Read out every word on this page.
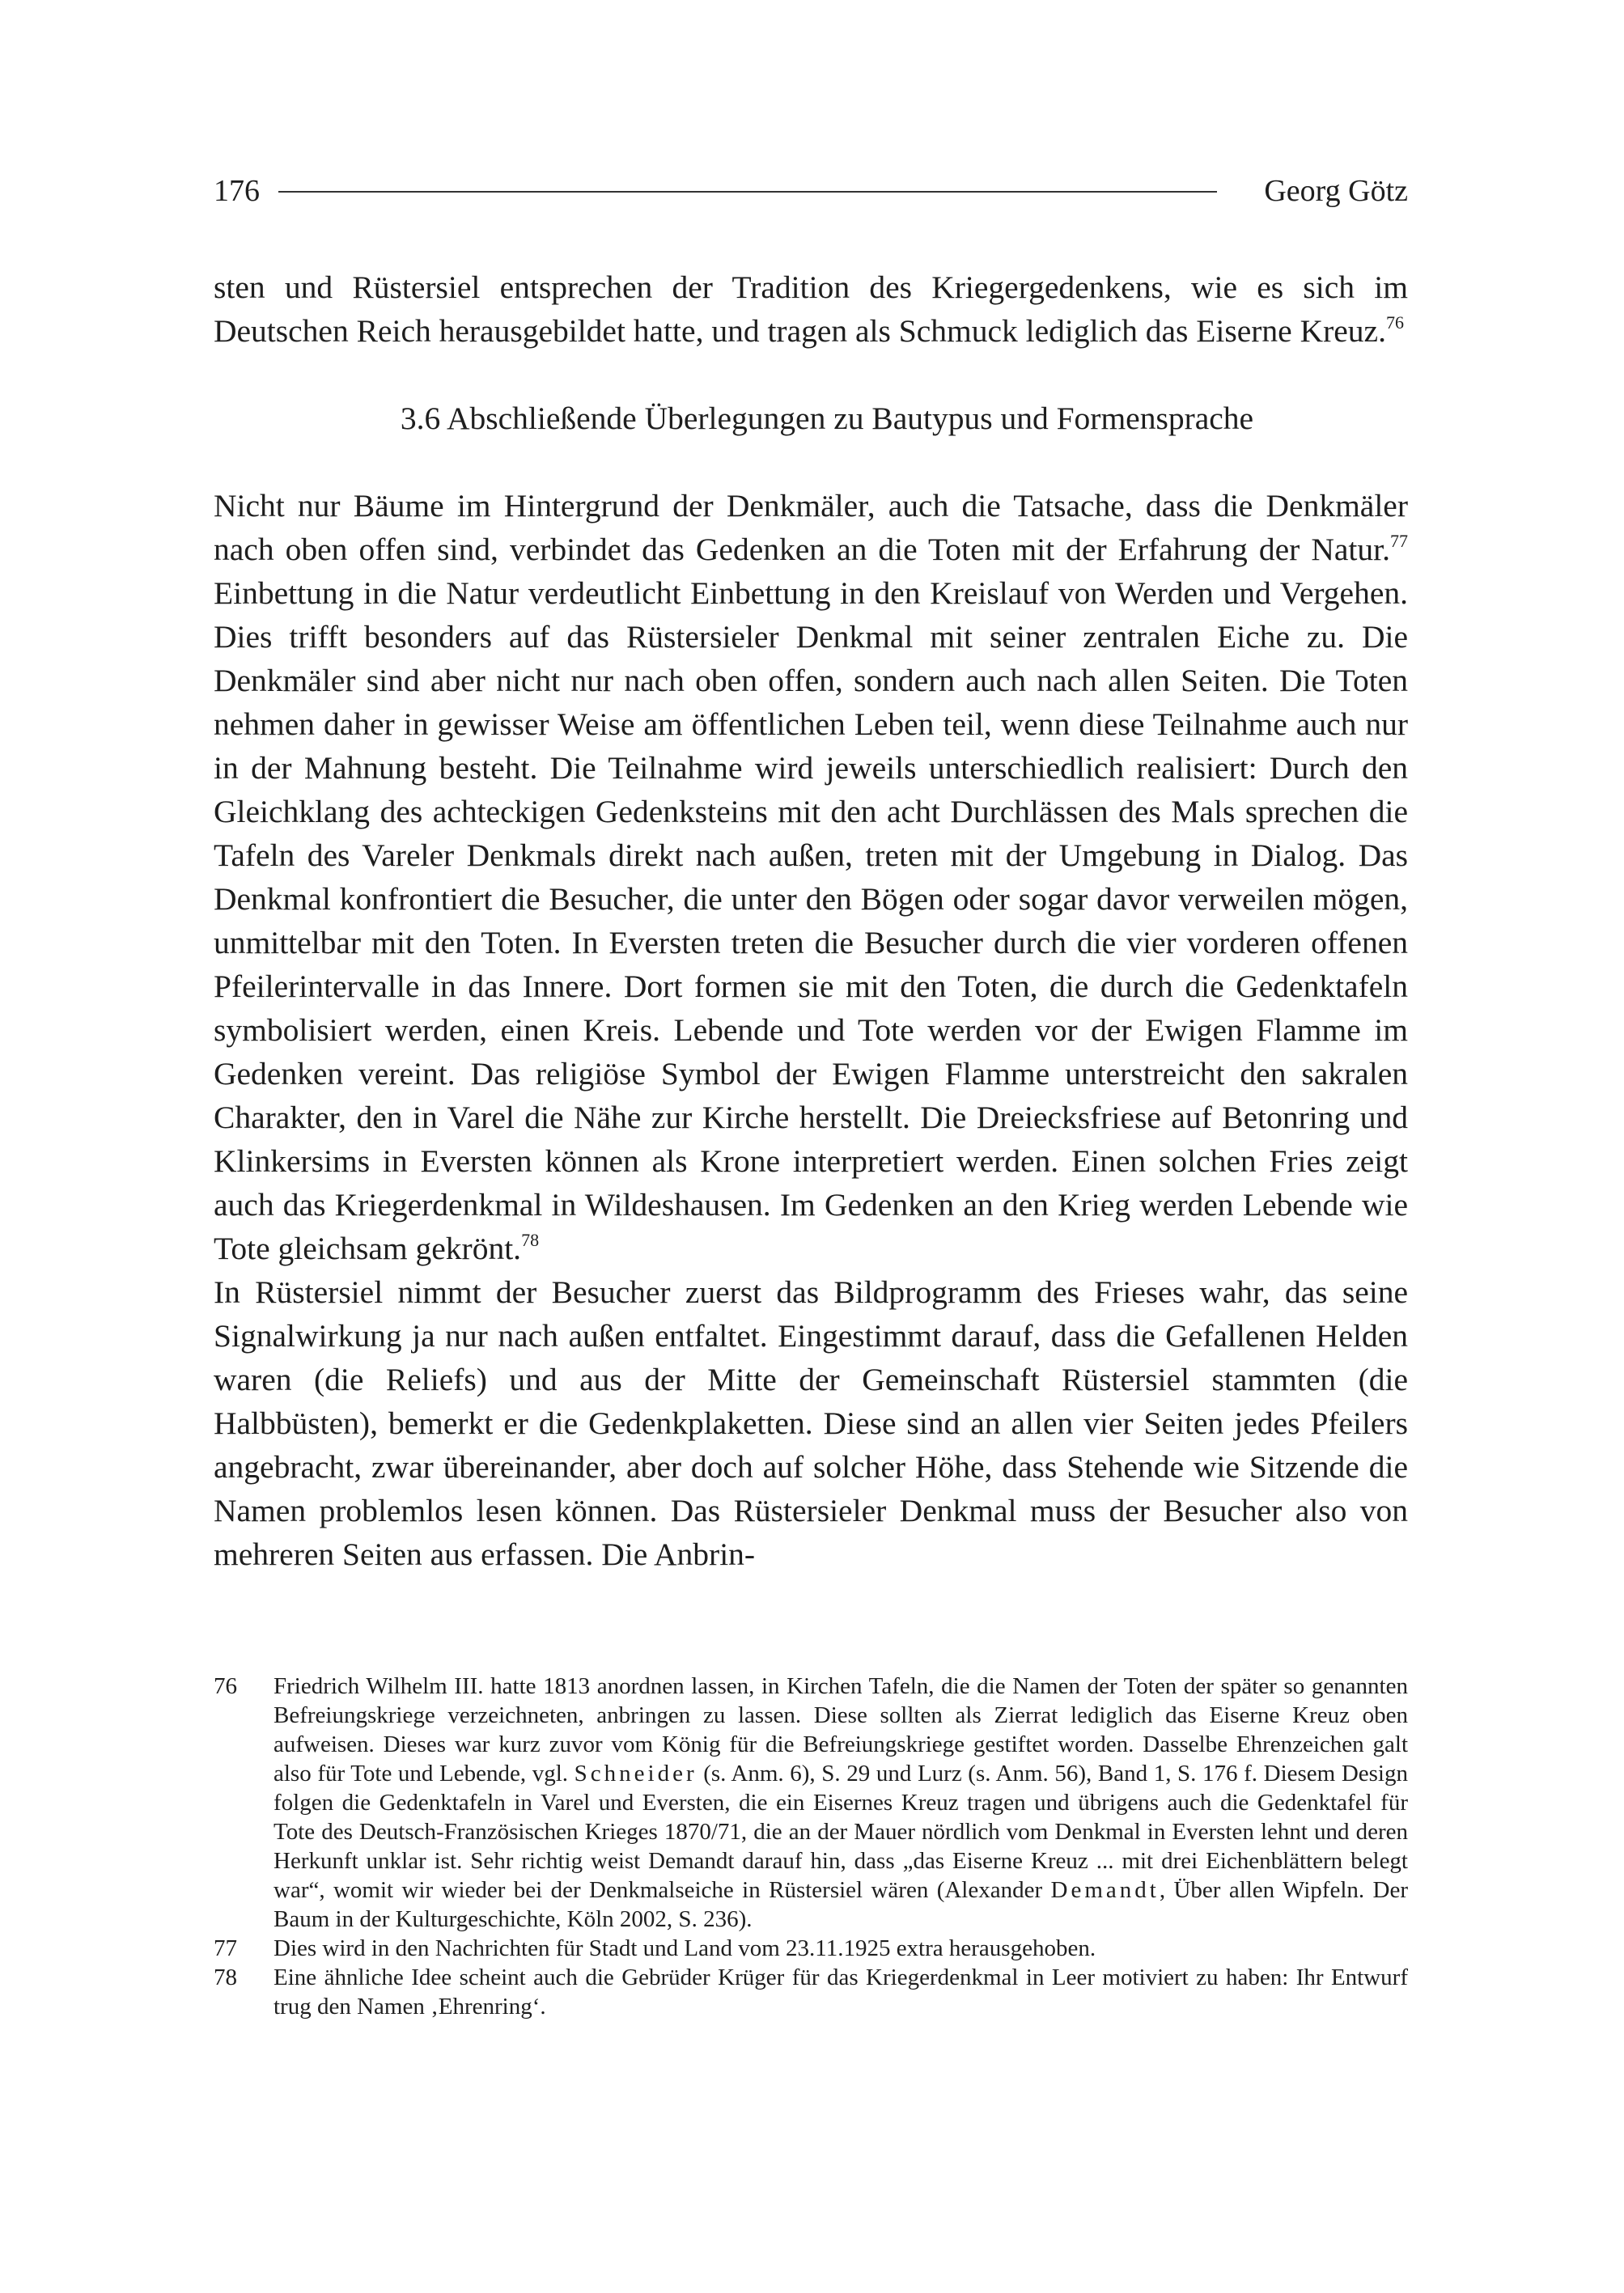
176	Georg Götz

sten und Rüstersiel entsprechen der Tradition des Kriegergedenkens, wie es sich im Deutschen Reich herausgebildet hatte, und tragen als Schmuck lediglich das Eiserne Kreuz.$^{76}$

3.6 Abschließende Überlegungen zu Bautypus und Formensprache

Nicht nur Bäume im Hintergrund der Denkmäler, auch die Tatsache, dass die Denkmäler nach oben offen sind, verbindet das Gedenken an die Toten mit der Erfahrung der Natur.$^{77}$ Einbettung in die Natur verdeutlicht Einbettung in den Kreislauf von Werden und Vergehen. Dies trifft besonders auf das Rüstersieler Denkmal mit seiner zentralen Eiche zu. Die Denkmäler sind aber nicht nur nach oben offen, sondern auch nach allen Seiten. Die Toten nehmen daher in gewisser Weise am öffentlichen Leben teil, wenn diese Teilnahme auch nur in der Mahnung besteht. Die Teilnahme wird jeweils unterschiedlich realisiert: Durch den Gleichklang des achteckigen Gedenksteins mit den acht Durchlässen des Mals sprechen die Tafeln des Vareler Denkmals direkt nach außen, treten mit der Umgebung in Dialog. Das Denkmal konfrontiert die Besucher, die unter den Bögen oder sogar davor verweilen mögen, unmittelbar mit den Toten. In Eversten treten die Besucher durch die vier vorderen offenen Pfeilerintervalle in das Innere. Dort formen sie mit den Toten, die durch die Gedenktafeln symbolisiert werden, einen Kreis. Lebende und Tote werden vor der Ewigen Flamme im Gedenken vereint. Das religiöse Symbol der Ewigen Flamme unterstreicht den sakralen Charakter, den in Varel die Nähe zur Kirche herstellt. Die Dreiecksfriese auf Betonring und Klinkersims in Eversten können als Krone interpretiert werden. Einen solchen Fries zeigt auch das Kriegerdenkmal in Wildeshausen. Im Gedenken an den Krieg werden Lebende wie Tote gleichsam gekrönt.$^{78}$

In Rüstersiel nimmt der Besucher zuerst das Bildprogramm des Frieses wahr, das seine Signalwirkung ja nur nach außen entfaltet. Eingestimmt darauf, dass die Gefallenen Helden waren (die Reliefs) und aus der Mitte der Gemeinschaft Rüstersiel stammten (die Halbbüsten), bemerkt er die Gedenkplaketten. Diese sind an allen vier Seiten jedes Pfeilers angebracht, zwar übereinander, aber doch auf solcher Höhe, dass Stehende wie Sitzende die Namen problemlos lesen können. Das Rüstersieler Denkmal muss der Besucher also von mehreren Seiten aus erfassen. Die Anbrin-

76	Friedrich Wilhelm III. hatte 1813 anordnen lassen, in Kirchen Tafeln, die die Namen der Toten der später so genannten Befreiungskriege verzeichneten, anbringen zu lassen. Diese sollten als Zierrat lediglich das Eiserne Kreuz oben aufweisen. Dieses war kurz zuvor vom König für die Befreiungskriege gestiftet worden. Dasselbe Ehrenzeichen galt also für Tote und Lebende, vgl. Schneider (s. Anm. 6), S. 29 und Lurz (s. Anm. 56), Band 1, S. 176 f. Diesem Design folgen die Gedenktafeln in Varel und Eversten, die ein Eisernes Kreuz tragen und übrigens auch die Gedenktafel für Tote des Deutsch-Französischen Krieges 1870/71, die an der Mauer nördlich vom Denkmal in Eversten lehnt und deren Herkunft unklar ist. Sehr richtig weist Demandt darauf hin, dass „das Eiserne Kreuz ... mit drei Eichenblättern belegt war“, womit wir wieder bei der Denkmalseiche in Rüstersiel wären (Alexander Demandt, Über allen Wipfeln. Der Baum in der Kulturgeschichte, Köln 2002, S. 236).
77	Dies wird in den Nachrichten für Stadt und Land vom 23.11.1925 extra herausgehoben.
78	Eine ähnliche Idee scheint auch die Gebrüder Krüger für das Kriegerdenkmal in Leer motiviert zu haben: Ihr Entwurf trug den Namen ‚Ehrenring‘.
